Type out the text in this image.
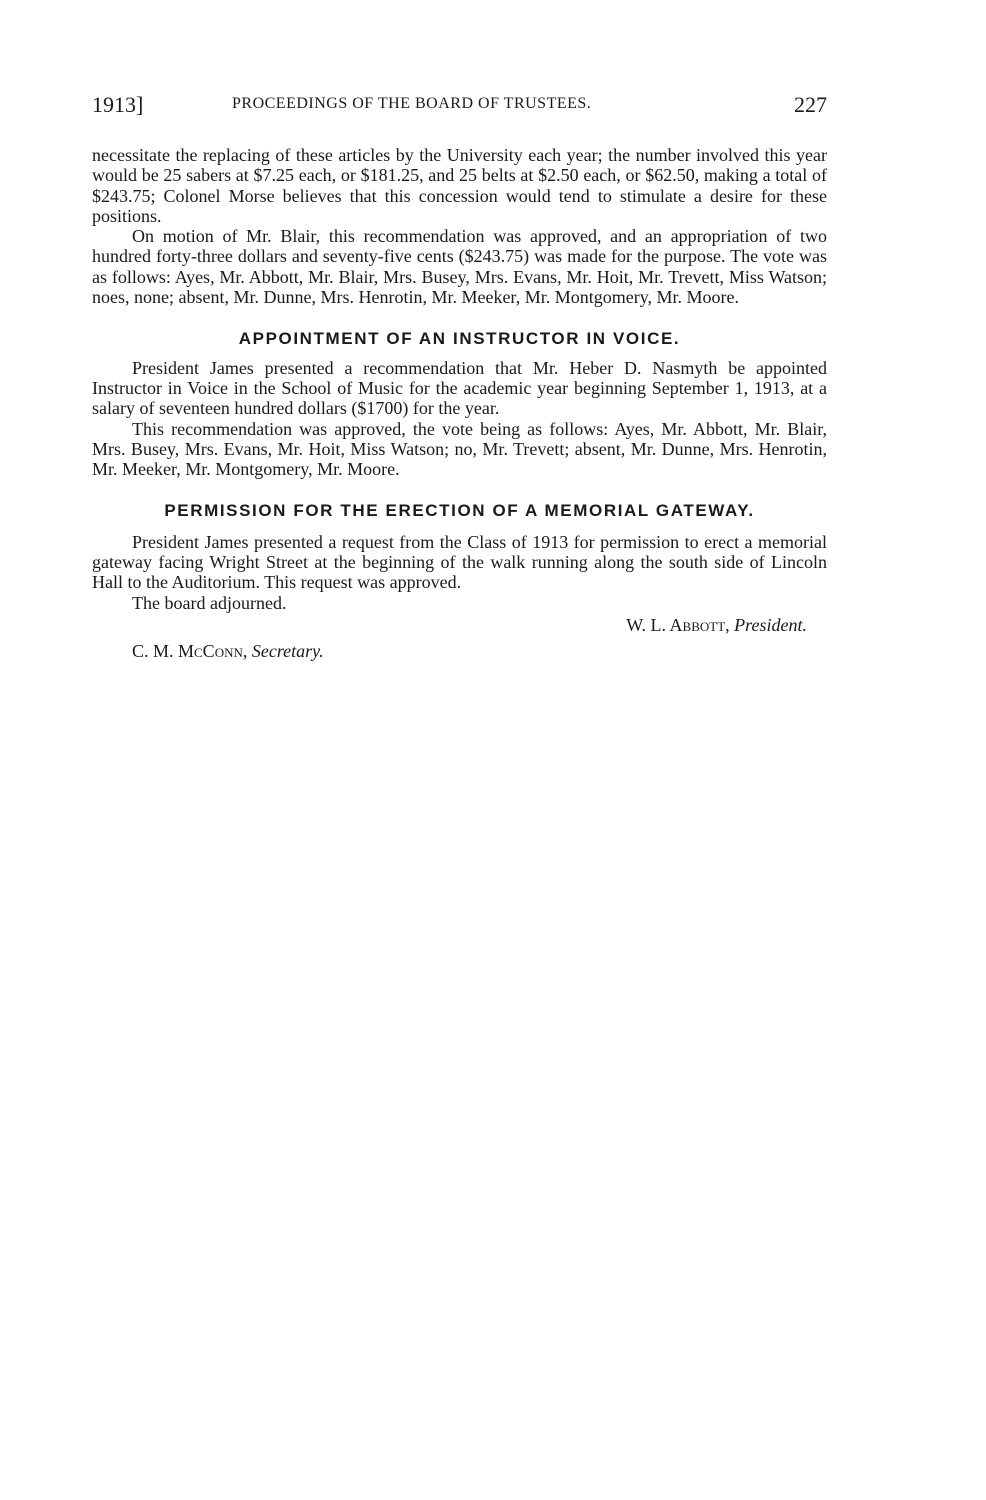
1913]	PROCEEDINGS OF THE BOARD OF TRUSTEES.	227

necessitate the replacing of these articles by the University each year; the number involved this year would be 25 sabers at $7.25 each, or $181.25, and 25 belts at $2.50 each, or $62.50, making a total of $243.75; Colonel Morse believes that this concession would tend to stimulate a desire for these positions.

On motion of Mr. Blair, this recommendation was approved, and an appropriation of two hundred forty-three dollars and seventy-five cents ($243.75) was made for the purpose. The vote was as follows: Ayes, Mr. Abbott, Mr. Blair, Mrs. Busey, Mrs. Evans, Mr. Hoit, Mr. Trevett, Miss Watson; noes, none; absent, Mr. Dunne, Mrs. Henrotin, Mr. Meeker, Mr. Montgomery, Mr. Moore.

APPOINTMENT OF AN INSTRUCTOR IN VOICE.

President James presented a recommendation that Mr. Heber D. Nasmyth be appointed Instructor in Voice in the School of Music for the academic year beginning September 1, 1913, at a salary of seventeen hundred dollars ($1700) for the year.

This recommendation was approved, the vote being as follows: Ayes, Mr. Abbott, Mr. Blair, Mrs. Busey, Mrs. Evans, Mr. Hoit, Miss Watson; no, Mr. Trevett; absent, Mr. Dunne, Mrs. Henrotin, Mr. Meeker, Mr. Montgomery, Mr. Moore.

PERMISSION FOR THE ERECTION OF A MEMORIAL GATEWAY.

President James presented a request from the Class of 1913 for permission to erect a memorial gateway facing Wright Street at the beginning of the walk running along the south side of Lincoln Hall to the Auditorium. This request was approved.

The board adjourned.

W. L. Abbott, President.
C. M. McConn, Secretary.
